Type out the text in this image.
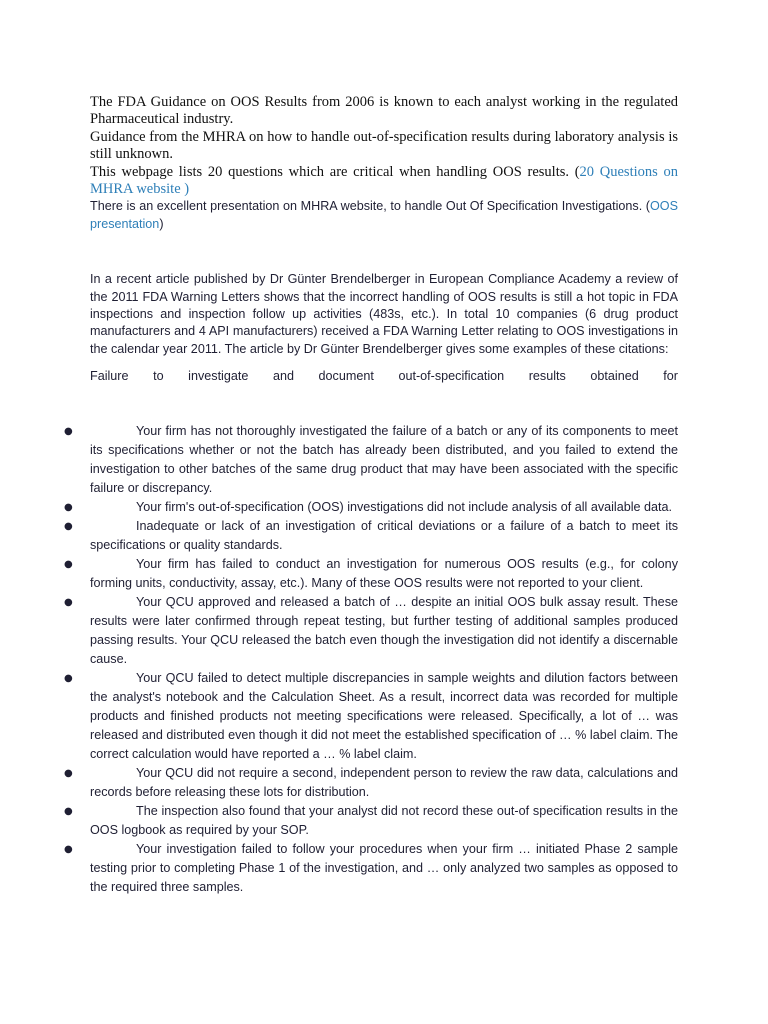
The FDA Guidance on OOS Results from 2006 is known to each analyst working in the regulated Pharmaceutical industry.

Guidance from the MHRA on how to handle out-of-specification results during laboratory analysis is still unknown.

This webpage lists 20 questions which are critical when handling OOS results. (20 Questions on MHRA website )

There is an excellent presentation on MHRA website, to handle Out Of Specification Investigations. (OOS presentation)

In a recent article published by Dr Günter Brendelberger in European Compliance Academy a review of the 2011 FDA Warning Letters shows that the incorrect handling of OOS results is still a hot topic in FDA inspections and inspection follow up activities (483s, etc.). In total 10 companies (6 drug product manufacturers and 4 API manufacturers) received a FDA Warning Letter relating to OOS investigations in the calendar year 2011. The article by Dr Günter Brendelberger gives some examples of these citations:

Failure to investigate and document out-of-specification results obtained for

●	Your firm has not thoroughly investigated the failure of a batch or any of its components to meet its specifications whether or not the batch has already been distributed, and you failed to extend the investigation to other batches of the same drug product that may have been associated with the specific failure or discrepancy.
●	Your firm's out-of-specification (OOS) investigations did not include analysis of all available data.
●	Inadequate or lack of an investigation of critical deviations or a failure of a batch to meet its specifications or quality standards.
●	Your firm has failed to conduct an investigation for numerous OOS results (e.g., for colony forming units, conductivity, assay, etc.). Many of these OOS results were not reported to your client.
●	Your QCU approved and released a batch of … despite an initial OOS bulk assay result. These results were later confirmed through repeat testing, but further testing of additional samples produced passing results. Your QCU released the batch even though the investigation did not identify a discernable cause.
●	Your QCU failed to detect multiple discrepancies in sample weights and dilution factors between the analyst's notebook and the Calculation Sheet. As a result, incorrect data was recorded for multiple products and finished products not meeting specifications were released. Specifically, a lot of … was released and distributed even though it did not meet the established specification of … % label claim. The correct calculation would have reported a … % label claim.
●	Your QCU did not require a second, independent person to review the raw data, calculations and records before releasing these lots for distribution.
●	The inspection also found that your analyst did not record these out-of specification results in the OOS logbook as required by your SOP.
●	Your investigation failed to follow your procedures when your firm … initiated Phase 2 sample testing prior to completing Phase 1 of the investigation, and … only analyzed two samples as opposed to the required three samples.
